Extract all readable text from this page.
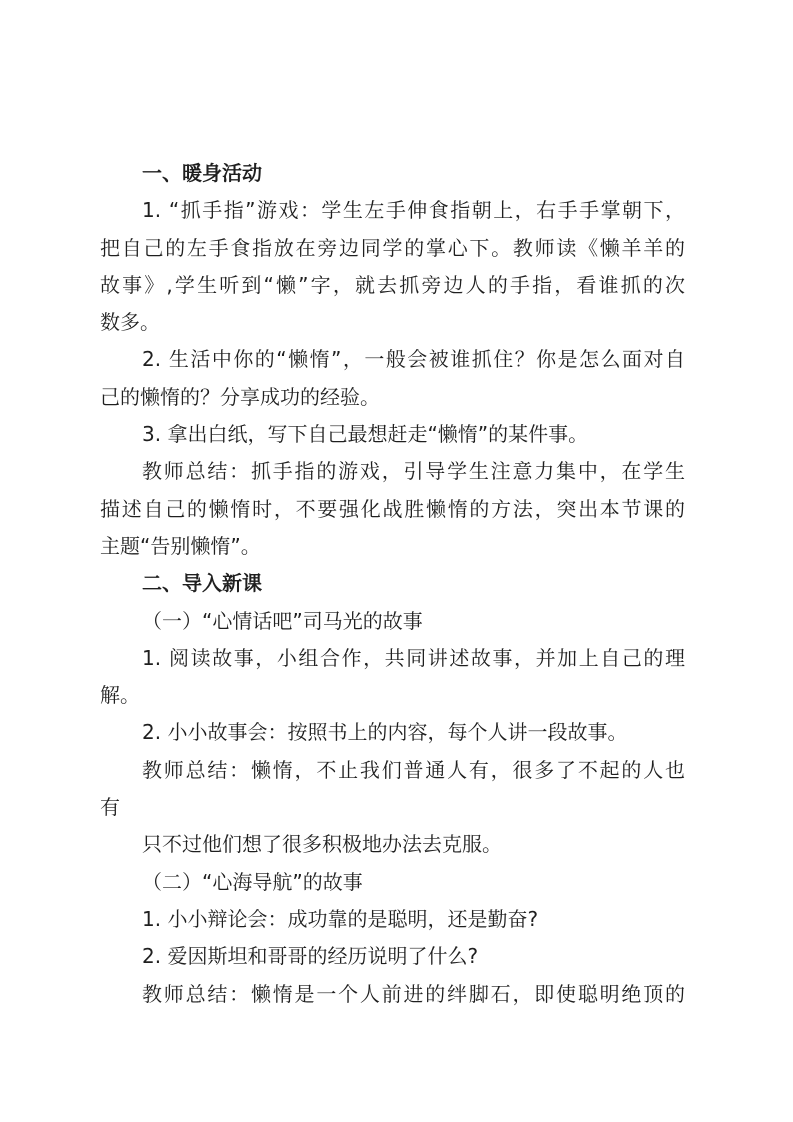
一、暖身活动
1. “抓手指”游戏：学生左手伸食指朝上，右手手掌朝下，
把自己的左手食指放在旁边同学的掌心下。教师读《懒羊羊的
故事》,学生听到“懒”字，就去抓旁边人的手指，看谁抓的次
数多。
2. 生活中你的“懒惰”，一般会被谁抓住？你是怎么面对自
己的懒惰的？分享成功的经验。
3. 拿出白纸，写下自己最想赶走“懒惰”的某件事。
教师总结：抓手指的游戏，引导学生注意力集中，在学生
描述自己的懒惰时，不要强化战胜懒惰的方法，突出本节课的
主题“告别懒惰”。
二、导入新课
（一）“心情话吧”司马光的故事
1. 阅读故事，小组合作，共同讲述故事，并加上自己的理
解。
2. 小小故事会：按照书上的内容，每个人讲一段故事。
教师总结：懒惰，不止我们普通人有，很多了不起的人也
有
只不过他们想了很多积极地办法去克服。
（二）“心海导航”的故事
1. 小小辩论会：成功靠的是聪明，还是勤奋?
2. 爱因斯坦和哥哥的经历说明了什么?
教师总结：懒惰是一个人前进的绊脚石，即使聪明绝顶的
